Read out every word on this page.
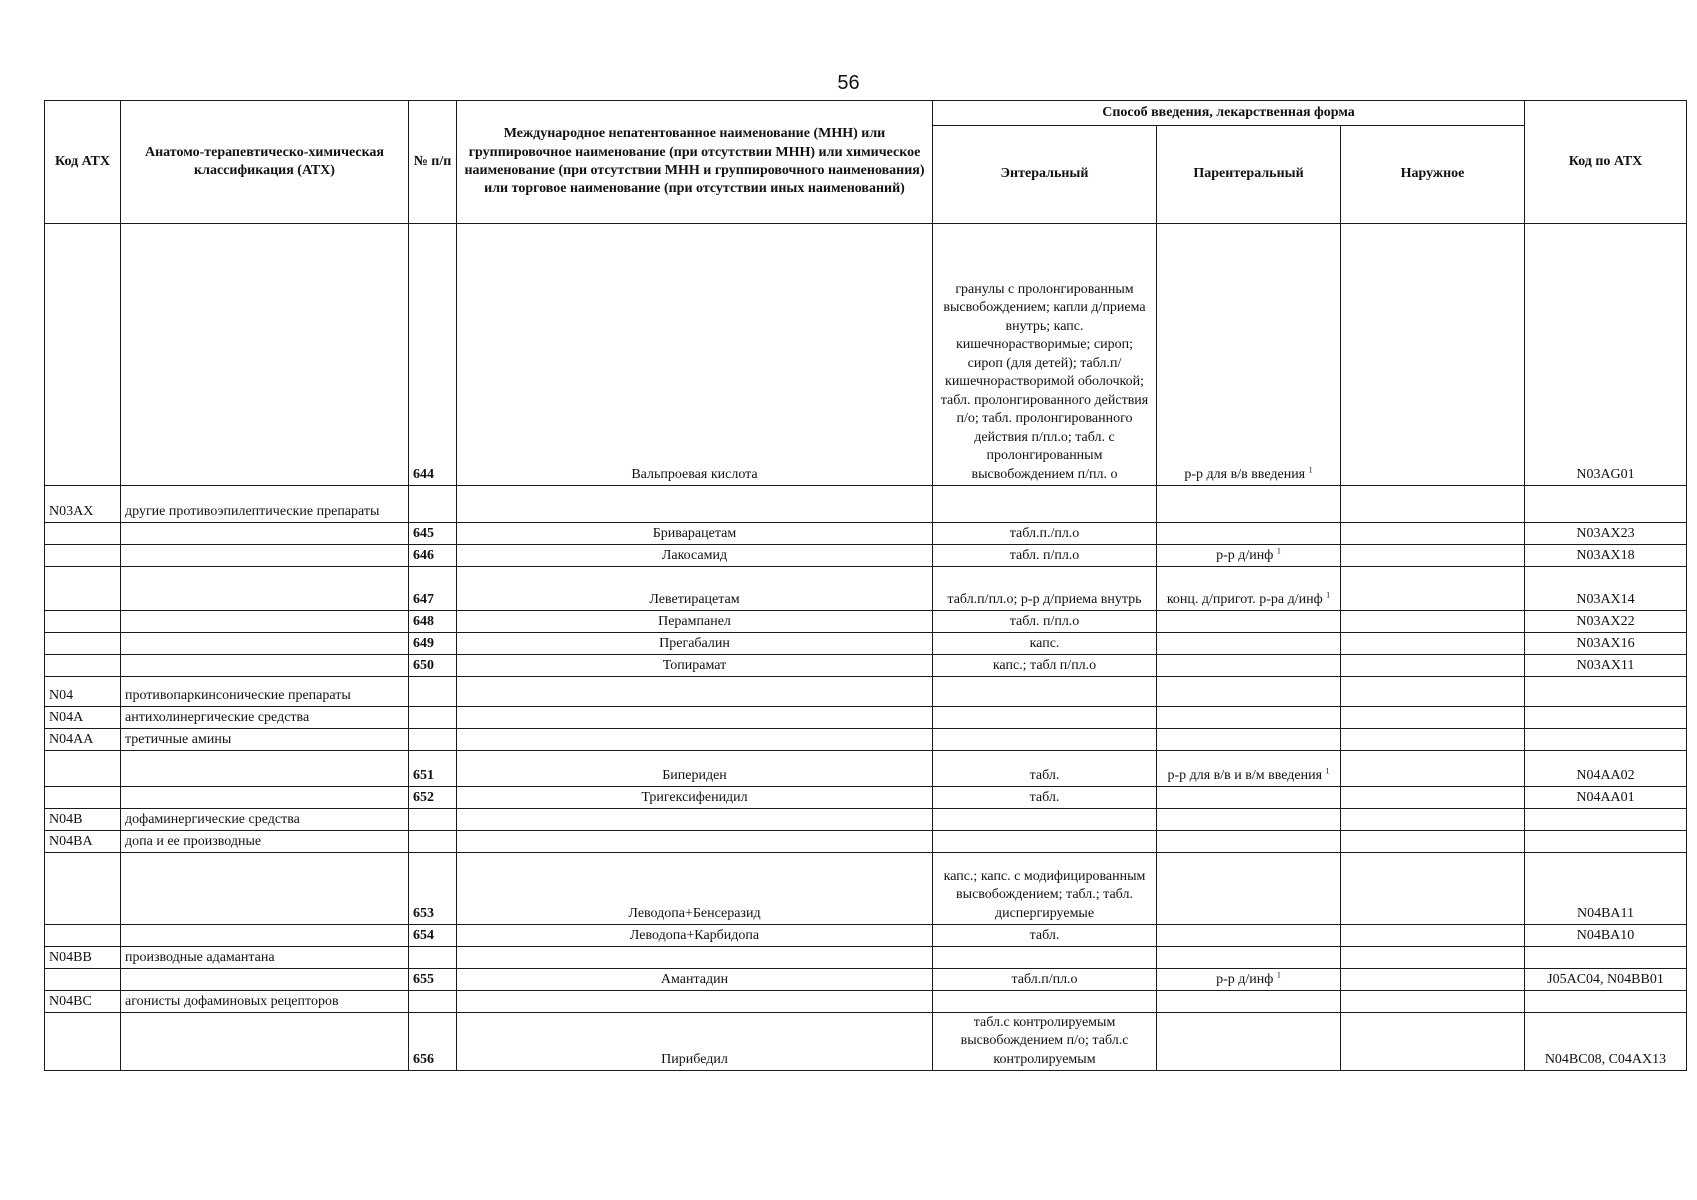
56
Код АТХ	Анатомо-терапевтическо-химическая классификация (АТХ)	№ п/п	Международное непатентованное наименование (МНН) или группировочное наименование (при отсутствии МНН) или химическое наименование (при отсутствии МНН и группировочного наименования) или торговое наименование (при отсутствии иных наименований)	Способ введения, лекарственная форма			Код по АТХ
				Энтеральный	Парентеральный	Наружное	
		644	Вальпроевая кислота	гранулы с пролонгированным высвобождением; капли д/приема внутрь; капс. кишечнорастворимые; сироп; сироп (для детей); табл.п/кишечнорастворимой оболочкой; табл. пролонгированного действия п/о; табл. пролонгированного действия п/пл.о; табл. с пролонгированным высвобождением п/пл. о	р-р для в/в введения $^1$		N03AG01
N03AX	другие противоэпилептические препараты						
		645	Бриварацетам	табл.п./пл.о			N03AX23
		646	Лакосамид	табл. п/пл.о	р-р д/инф $^1$		N03AX18
		647	Леветирацетам	табл.п/пл.о; р-р д/приема внутрь	конц. д/пригот. р-ра д/инф $^1$		N03AX14
		648	Перампанел	табл. п/пл.о			N03AX22
		649	Прегабалин	капс.			N03AX16
		650	Топирамат	капс.; табл п/пл.о			N03AX11
N04	противопаркинсонические препараты						
N04A	антихолинергические средства						
N04AA	третичные амины						
		651	Бипериден	табл.	р-р для в/в и в/м введения $^1$		N04AA02
		652	Тригексифенидил	табл.			N04AA01
N04B	дофаминергические средства						
N04BA	допа и ее производные						
		653	Леводопа+Бенсеразид	капс.; капс. с модифицированным высвобождением; табл.; табл. диспергируемые			N04BA11
		654	Леводопа+Карбидопа	табл.			N04BA10
N04BB	производные адамантана						
		655	Амантадин	табл.п/пл.о	р-р д/инф $^1$		J05AC04, N04BB01
N04BC	агонисты дофаминовых рецепторов						
		656	Пирибедил	табл.с контролируемым высвобождением п/о; табл.с контролируемым			N04BC08, C04AX13
